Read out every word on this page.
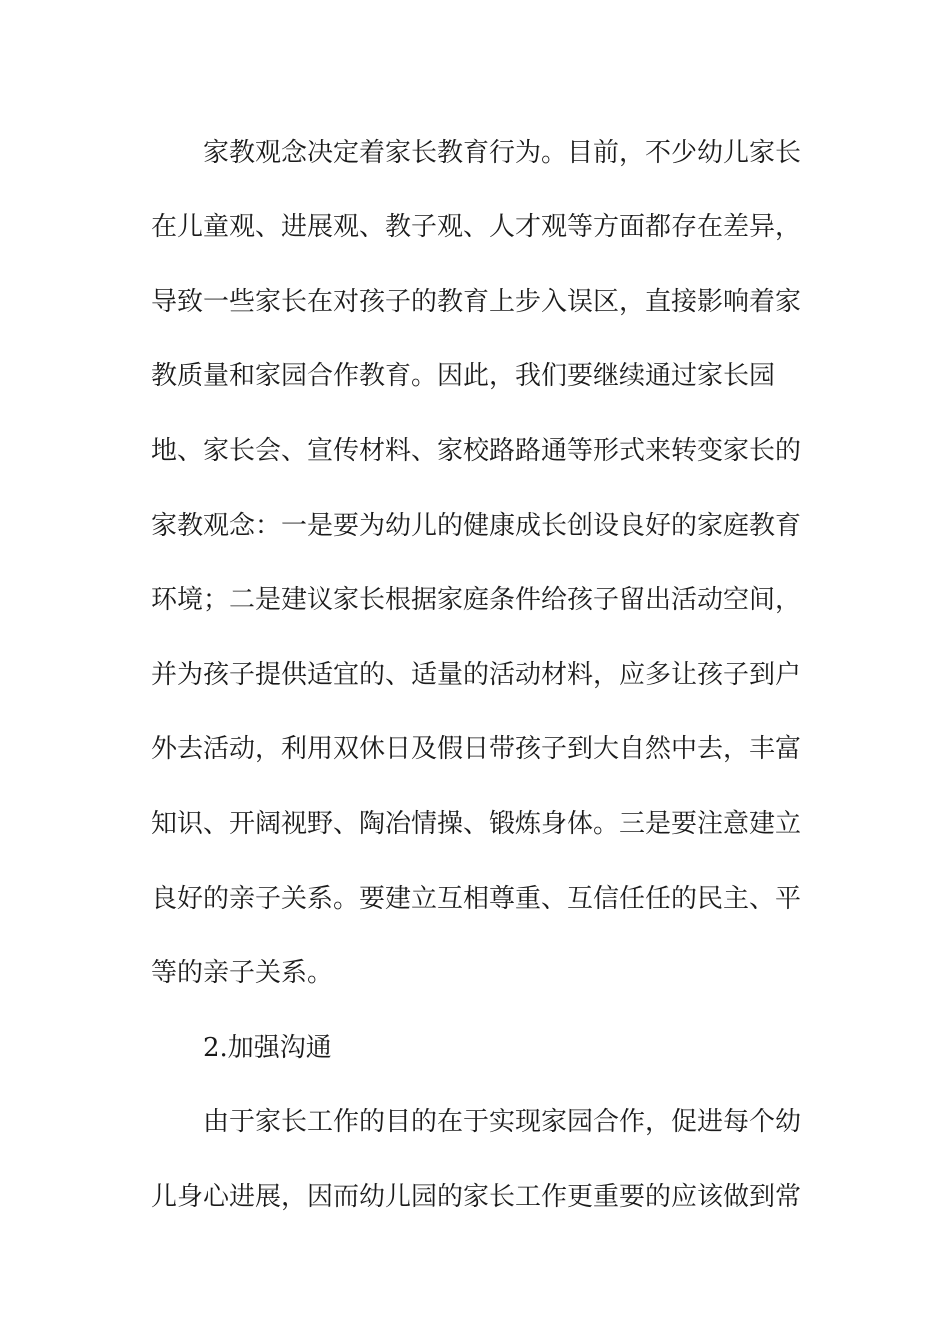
家教观念决定着家长教育行为。目前，不少幼儿家长
在儿童观、进展观、教子观、人才观等方面都存在差异，
导致一些家长在对孩子的教育上步入误区，直接影响着家
教质量和家园合作教育。因此，我们要继续通过家长园
地、家长会、宣传材料、家校路路通等形式来转变家长的
家教观念：一是要为幼儿的健康成长创设良好的家庭教育
环境；二是建议家长根据家庭条件给孩子留出活动空间，
并为孩子提供适宜的、适量的活动材料，应多让孩子到户
外去活动，利用双休日及假日带孩子到大自然中去，丰富
知识、开阔视野、陶冶情操、锻炼身体。三是要注意建立
良好的亲子关系。要建立互相尊重、互信任任的民主、平
等的亲子关系。
2.加强沟通
由于家长工作的目的在于实现家园合作，促进每个幼
儿身心进展，因而幼儿园的家长工作更重要的应该做到常
